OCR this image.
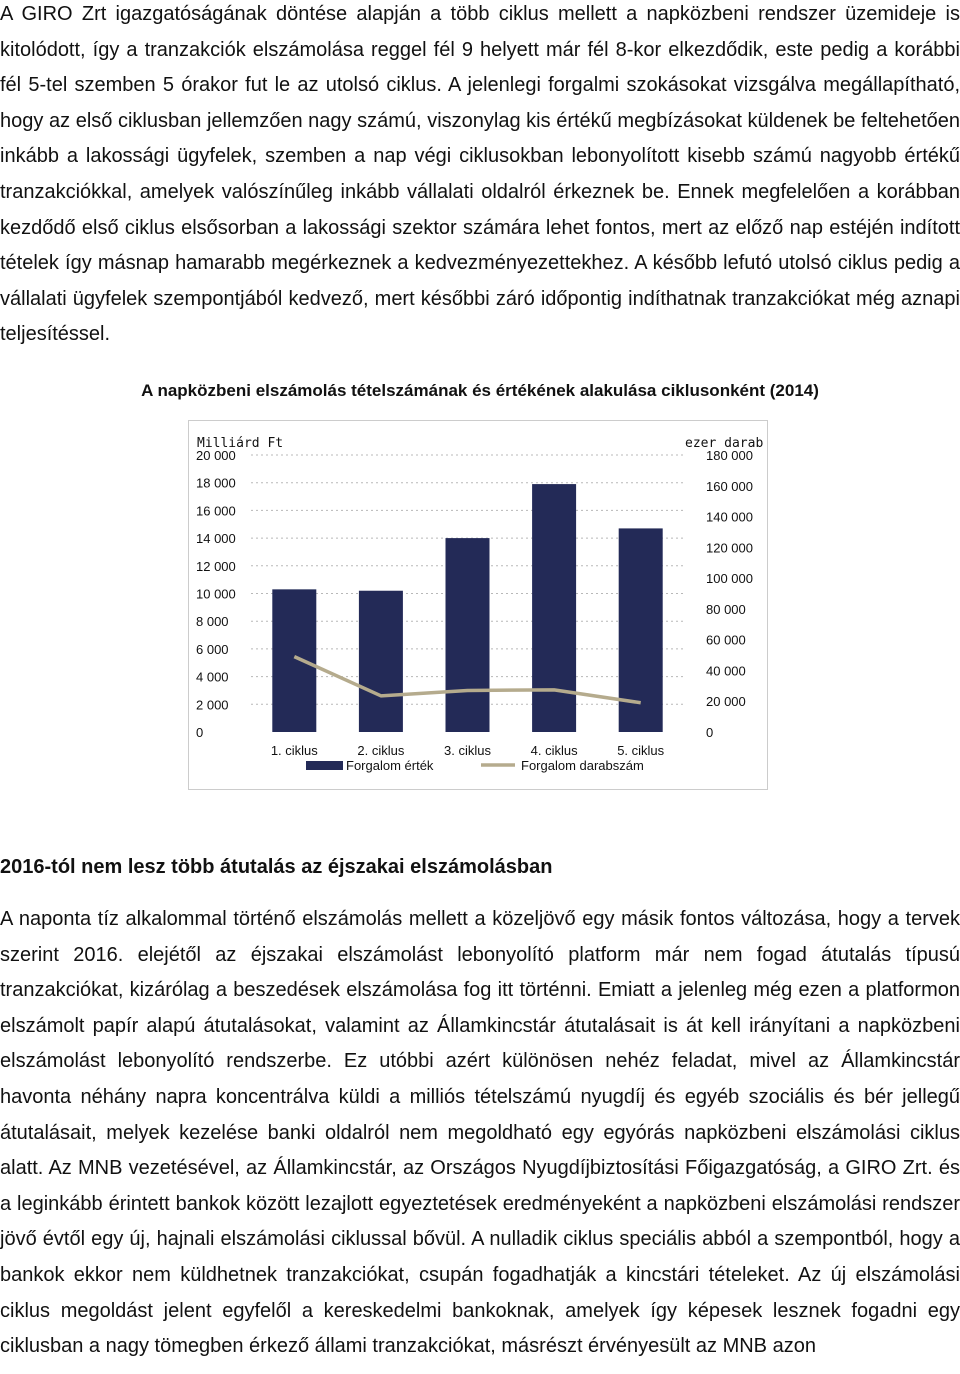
A GIRO Zrt igazgatóságának döntése alapján a több ciklus mellett a napközbeni rendszer üzemideje is kitolódott, így a tranzakciók elszámolása reggel fél 9 helyett már fél 8-kor elkezdődik, este pedig a korábbi fél 5-tel szemben 5 órakor fut le az utolsó ciklus. A jelenlegi forgalmi szokásokat vizsgálva megállapítható, hogy az első ciklusban jellemzően nagy számú, viszonylag kis értékű megbízásokat küldenek be feltehetően inkább a lakossági ügyfelek, szemben a nap végi ciklusokban lebonyolított kisebb számú nagyobb értékű tranzakciókkal, amelyek valószínűleg inkább vállalati oldalról érkeznek be. Ennek megfelelően a korábban kezdődő első ciklus elsősorban a lakossági szektor számára lehet fontos, mert az előző nap estéjén indított tételek így másnap hamarabb megérkeznek a kedvezményezettekhez. A később lefutó utolsó ciklus pedig a vállalati ügyfelek szempontjából kedvező, mert későbbi záró időpontig indíthatnak tranzakciókat még aznapi teljesítéssel.

A napközbeni elszámolás tételszámának és értékének alakulása ciklusonként (2014)

0
2 000
4 000
6 000
8 000
10 000
12 000
14 000
16 000
18 000
20 000
0
20 000
40 000
60 000
80 000
100 000
120 000
140 000
160 000
180 000
Milliárd Ft	ezer darab
1. ciklus	2. ciklus	3. ciklus	4. ciklus	5. ciklus
Forgalom érték	Forgalom darabszám

2016-tól nem lesz több átutalás az éjszakai elszámolásban

A naponta tíz alkalommal történő elszámolás mellett a közeljövő egy másik fontos változása, hogy a tervek szerint 2016. elejétől az éjszakai elszámolást lebonyolító platform már nem fogad átutalás típusú tranzakciókat, kizárólag a beszedések elszámolása fog itt történni. Emiatt a jelenleg még ezen a platformon elszámolt papír alapú átutalásokat, valamint az Államkincstár átutalásait is át kell irányítani a napközbeni elszámolást lebonyolító rendszerbe. Ez utóbbi azért különösen nehéz feladat, mivel az Államkincstár havonta néhány napra koncentrálva küldi a milliós tételszámú nyugdíj és egyéb szociális és bér jellegű átutalásait, melyek kezelése banki oldalról nem megoldható egy egyórás napközbeni elszámolási ciklus alatt. Az MNB vezetésével, az Államkincstár, az Országos Nyugdíjbiztosítási Főigazgatóság, a GIRO Zrt. és a leginkább érintett bankok között lezajlott egyeztetések eredményeként a napközbeni elszámolási rendszer jövő évtől egy új, hajnali elszámolási ciklussal bővül. A nulladik ciklus speciális abból a szempontból, hogy a bankok ekkor nem küldhetnek tranzakciókat, csupán fogadhatják a kincstári tételeket. Az új elszámolási ciklus megoldást jelent egyfelől a kereskedelmi bankoknak, amelyek így képesek lesznek fogadni egy ciklusban a nagy tömegben érkező állami tranzakciókat, másrészt érvényesült az MNB azon
